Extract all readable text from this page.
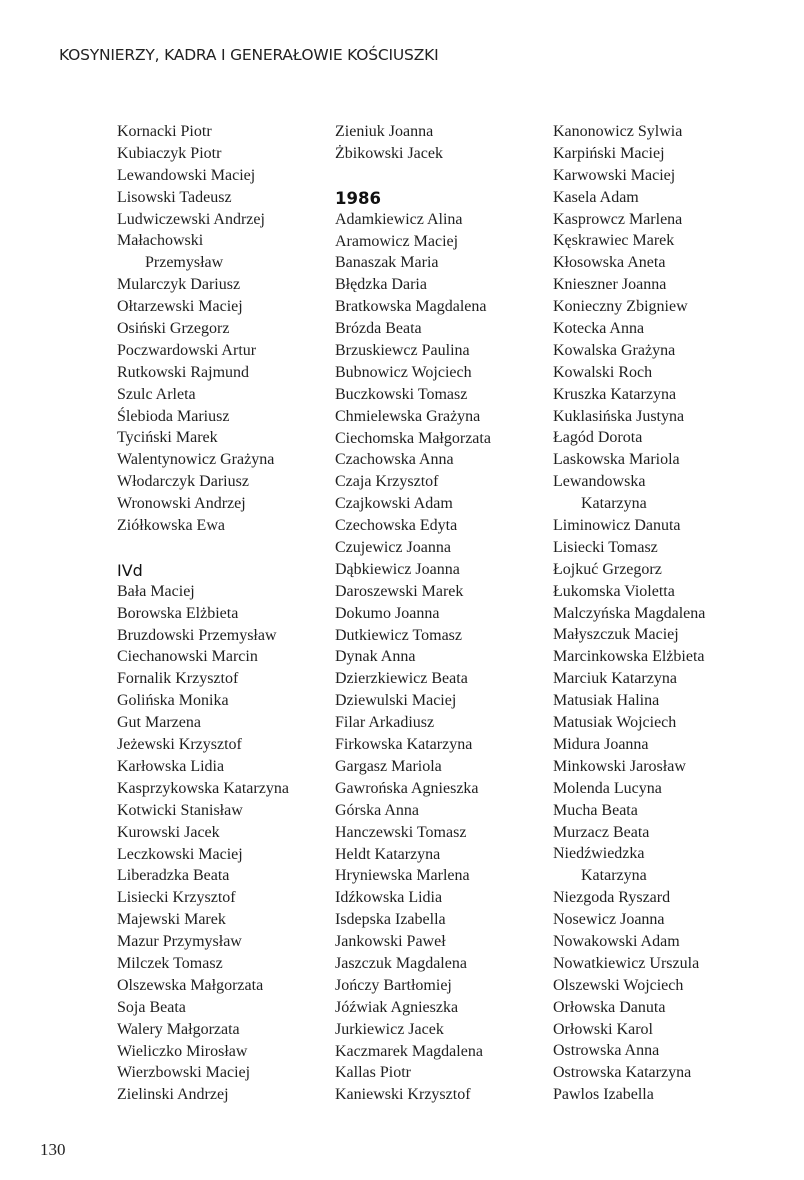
KOSYNIERZY, KADRA I GENERAŁOWIE KOŚCIUSZKI
Kornacki Piotr
Kubiaczyk Piotr
Lewandowski Maciej
Lisowski Tadeusz
Ludwiczewski Andrzej
Małachowski
Przemysław
Mularczyk Dariusz
Ołtarzewski Maciej
Osiński Grzegorz
Poczwardowski Artur
Rutkowski Rajmund
Szulc Arleta
Ślebioda Mariusz
Tyciński Marek
Walentynowicz Grażyna
Włodarczyk Dariusz
Wronowski Andrzej
Ziółkowska Ewa
IVd
Bała Maciej
Borowska Elżbieta
Bruzdowski Przemysław
Ciechanowski Marcin
Fornalik Krzysztof
Golińska Monika
Gut Marzena
Jeżewski Krzysztof
Karłowska Lidia
Kasprzykowska Katarzyna
Kotwicki Stanisław
Kurowski Jacek
Leczkowski Maciej
Liberadzka Beata
Lisiecki Krzysztof
Majewski Marek
Mazur Przymysław
Milczek Tomasz
Olszewska Małgorzata
Soja Beata
Walery Małgorzata
Wieliczko Mirosław
Wierzbowski Maciej
Zielinski Andrzej
Zieniuk Joanna
Żbikowski Jacek
1986
Adamkiewicz Alina
Aramowicz Maciej
Banaszak Maria
Błędzka Daria
Bratkowska Magdalena
Brózda Beata
Brzuskiewcz Paulina
Bubnowicz Wojciech
Buczkowski Tomasz
Chmielewska Grażyna
Ciechomska Małgorzata
Czachowska Anna
Czaja Krzysztof
Czajkowski Adam
Czechowska Edyta
Czujewicz Joanna
Dąbkiewicz Joanna
Daroszewski Marek
Dokumo Joanna
Dutkiewicz Tomasz
Dynak Anna
Dzierzkiewicz Beata
Dziewulski Maciej
Filar Arkadiusz
Firkowska Katarzyna
Gargasz Mariola
Gawrońska Agnieszka
Górska Anna
Hanczewski Tomasz
Heldt Katarzyna
Hryniewska Marlena
Idźkowska Lidia
Isdepska Izabella
Jankowski Paweł
Jaszczuk Magdalena
Jończy Bartłomiej
Jóźwiak Agnieszka
Jurkiewicz Jacek
Kaczmarek Magdalena
Kallas Piotr
Kaniewski Krzysztof
Kanonowicz Sylwia
Karpiński Maciej
Karwowski Maciej
Kasela Adam
Kasprowcz Marlena
Kęskrawiec Marek
Kłosowska Aneta
Knieszner Joanna
Konieczny Zbigniew
Kotecka Anna
Kowalska Grażyna
Kowalski Roch
Kruszka Katarzyna
Kuklasińska Justyna
Łagód Dorota
Laskowska Mariola
Lewandowska
Katarzyna
Liminowicz Danuta
Lisiecki Tomasz
Łojkuć Grzegorz
Łukomska Violetta
Malczyńska Magdalena
Małyszczuk Maciej
Marcinkowska Elżbieta
Marciuk Katarzyna
Matusiak Halina
Matusiak Wojciech
Midura Joanna
Minkowski Jarosław
Molenda Lucyna
Mucha Beata
Murzacz Beata
Niedźwiedzka
Katarzyna
Niezgoda Ryszard
Nosewicz Joanna
Nowakowski Adam
Nowatkiewicz Urszula
Olszewski Wojciech
Orłowska Danuta
Orłowski Karol
Ostrowska Anna
Ostrowska Katarzyna
Pawlos Izabella
130
